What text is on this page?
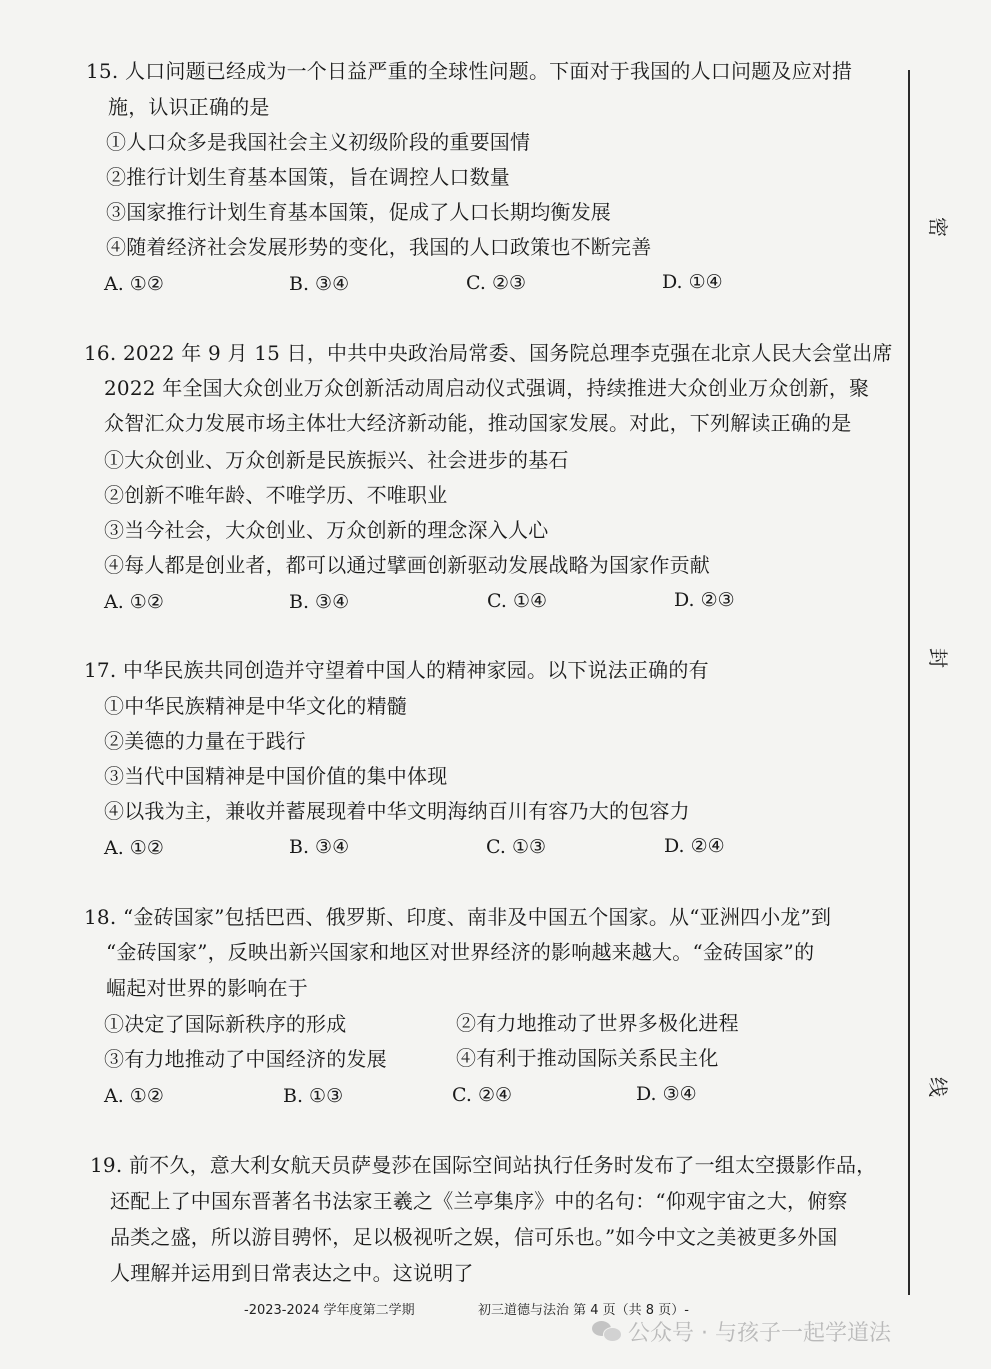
15. 人口问题已经成为一个日益严重的全球性问题。下面对于我国的人口问题及应对措
施，认识正确的是
①人口众多是我国社会主义初级阶段的重要国情
②推行计划生育基本国策，旨在调控人口数量
③国家推行计划生育基本国策，促成了人口长期均衡发展
④随着经济社会发展形势的变化，我国的人口政策也不断完善
A. ①②	B. ③④	C. ②③	D. ①④
16. 2022 年 9 月 15 日，中共中央政治局常委、国务院总理李克强在北京人民大会堂出席
2022 年全国大众创业万众创新活动周启动仪式强调，持续推进大众创业万众创新，聚
众智汇众力发展市场主体壮大经济新动能，推动国家发展。对此，下列解读正确的是
①大众创业、万众创新是民族振兴、社会进步的基石
②创新不唯年龄、不唯学历、不唯职业
③当今社会，大众创业、万众创新的理念深入人心
④每人都是创业者，都可以通过擘画创新驱动发展战略为国家作贡献
A. ①②	B. ③④	C. ①④	D. ②③
17. 中华民族共同创造并守望着中国人的精神家园。以下说法正确的有
①中华民族精神是中华文化的精髓
②美德的力量在于践行
③当代中国精神是中国价值的集中体现
④以我为主，兼收并蓄展现着中华文明海纳百川有容乃大的包容力
A. ①②	B. ③④	C. ①③	D. ②④
18. “金砖国家”包括巴西、俄罗斯、印度、南非及中国五个国家。从“亚洲四小龙”到
“金砖国家”，反映出新兴国家和地区对世界经济的影响越来越大。“金砖国家”的
崛起对世界的影响在于
①决定了国际新秩序的形成	②有力地推动了世界多极化进程
③有力地推动了中国经济的发展	④有利于推动国际关系民主化
A. ①②	B. ①③	C. ②④	D. ③④
19. 前不久，意大利女航天员萨曼莎在国际空间站执行任务时发布了一组太空摄影作品，
还配上了中国东晋著名书法家王羲之《兰亭集序》中的名句：“仰观宇宙之大，俯察
品类之盛，所以游目骋怀，足以极视听之娱，信可乐也。”如今中文之美被更多外国
人理解并运用到日常表达之中。这说明了
密
封
线
-2023-2024 学年度第二学期	初三道德与法治 第 4 页（共 8 页）-
公众号 · 与孩子一起学道法
